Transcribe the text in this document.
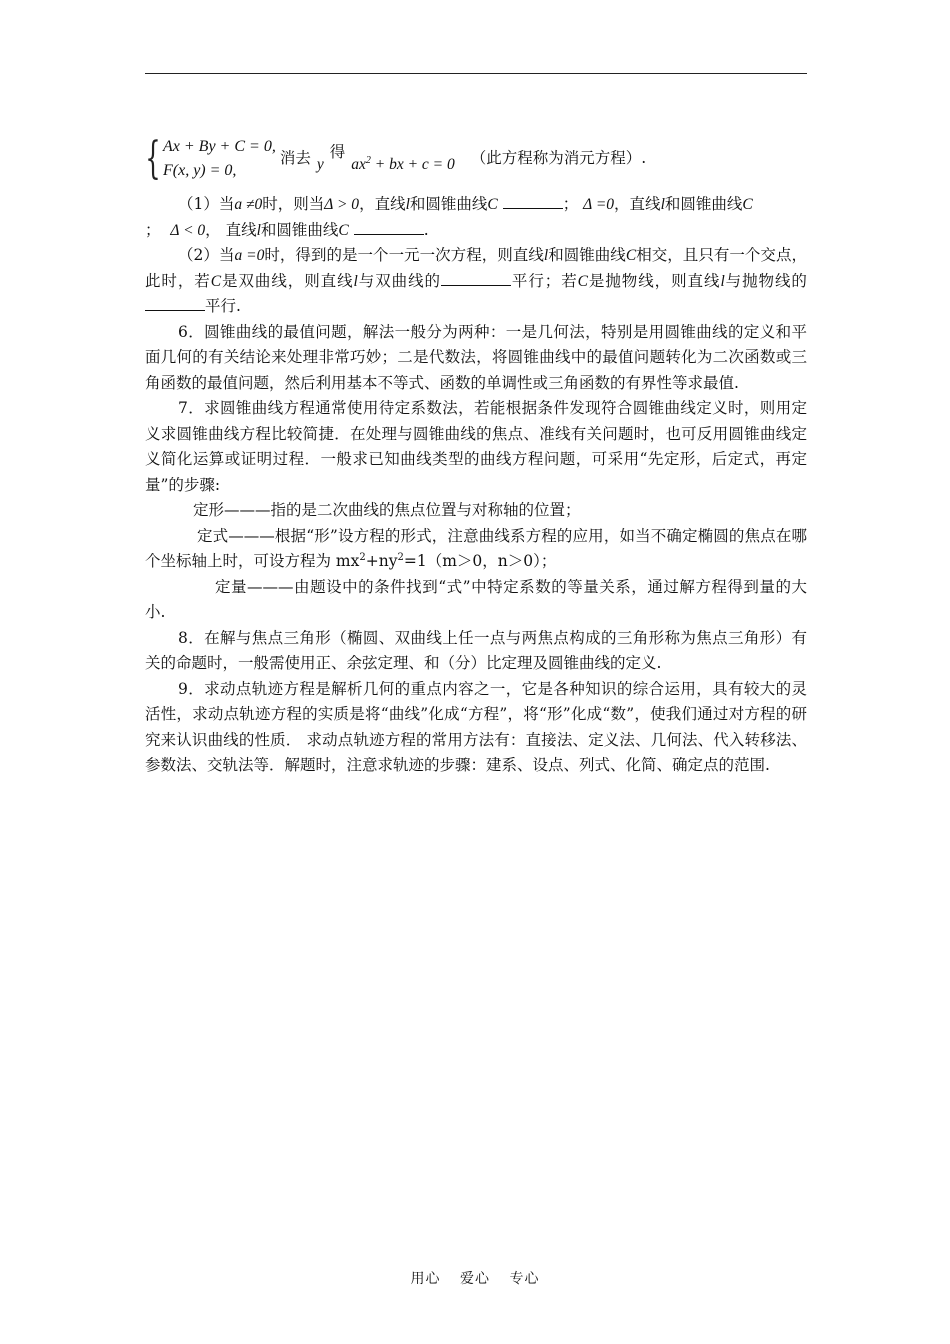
{ Ax + By + C = 0,
F(x, y) = 0,
消去 y
得
$ax^2$ + bx + c = 0 （此方程称为消元方程）.

（1）当a ≠0时，则当Δ > 0，直线l和圆锥曲线C	； Δ =0，直线l和圆锥曲线C
； Δ < 0， 直线l和圆锥曲线C	.

（2）当a =0时，得到的是一个一元一次方程，则直线l和圆锥曲线C相交，且只有一个交点，此时，若C是双曲线，则直线l与双曲线的	平行；若C是抛物线，则直线l与抛物线的平行.

6．圆锥曲线的最值问题，解法一般分为两种：一是几何法，特别是用圆锥曲线的定义和平面几何的有关结论来处理非常巧妙；二是代数法，将圆锥曲线中的最值问题转化为二次函数或三角函数的最值问题，然后利用基本不等式、函数的单调性或三角函数的有界性等求最值.

7．求圆锥曲线方程通常使用待定系数法，若能根据条件发现符合圆锥曲线定义时，则用定义求圆锥曲线方程比较简捷．在处理与圆锥曲线的焦点、准线有关问题时，也可反用圆锥曲线定义简化运算或证明过程．一般求已知曲线类型的曲线方程问题，可采用“先定形，后定式，再定量”的步骤:

定形———指的是二次曲线的焦点位置与对称轴的位置；

定式———根据“形”设方程的形式，注意曲线系方程的应用，如当不确定椭圆的焦点在哪个坐标轴上时，可设方程为 $mx^2+ny^2=1(m>0$，n＞0）；

定量———由题设中的条件找到“式”中特定系数的等量关系，通过解方程得到量的大小.

8．在解与焦点三角形（椭圆、双曲线上任一点与两焦点构成的三角形称为焦点三角形）有关的命题时，一般需使用正、余弦定理、和（分）比定理及圆锥曲线的定义.

9．求动点轨迹方程是解析几何的重点内容之一，它是各种知识的综合运用，具有较大的灵活性，求动点轨迹方程的实质是将“曲线”化成“方程”，将“形”化成“数”，使我们通过对方程的研究来认识曲线的性质． 求动点轨迹方程的常用方法有：直接法、定义法、几何法、代入转移法、参数法、交轨法等．解题时，注意求轨迹的步骤：建系、设点、列式、化简、确定点的范围.

用心 爱心 专心
